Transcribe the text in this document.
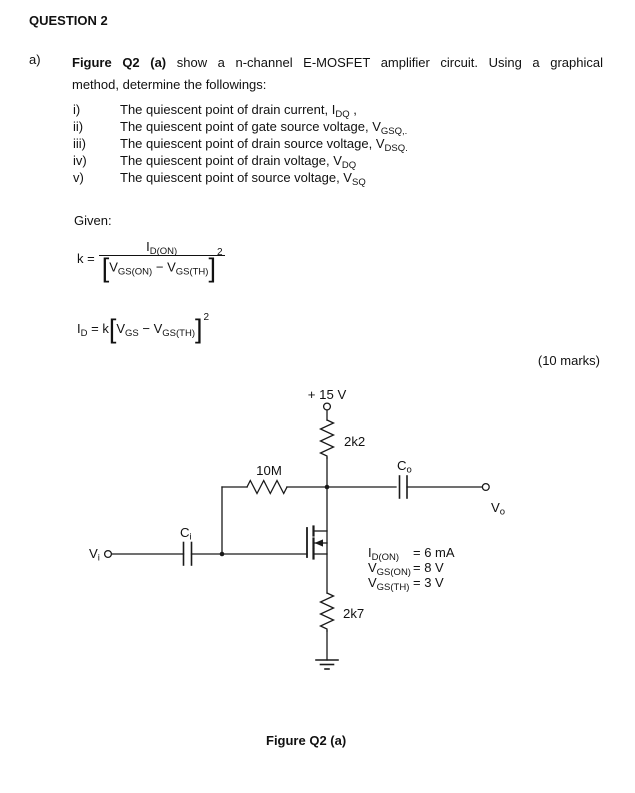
QUESTION 2
a) Figure Q2 (a) show a n-channel E-MOSFET amplifier circuit. Using a graphical
method, determine the followings:
i)	The quiescent point of drain current, $I_{DQ}$ ,
ii)	The quiescent point of gate source voltage, $V_{GSQ,.}$
iii)	The quiescent point of drain source voltage, $V_{DSQ.}$
iv)	The quiescent point of drain voltage, $V_{DQ}$
v)	The quiescent point of source voltage, $V_{SQ}$
Given:
$k = \frac{I_{D(ON)}}{[V_{GS(ON)} - V_{GS(TH)}]^2}$
$I_D = k$ [ $V_{GS} - V_{GS(TH)}$ ]$^2$
(10 marks)
+ 15 V
2k2
10M
2k7
Co
Ci
Vi
Vo
$I_{D(ON)}$	= 6 mA
$V_{GS(ON)} = 8$ V
$V_{GS(TH)} = 3$ V
Figure Q2 (a)
